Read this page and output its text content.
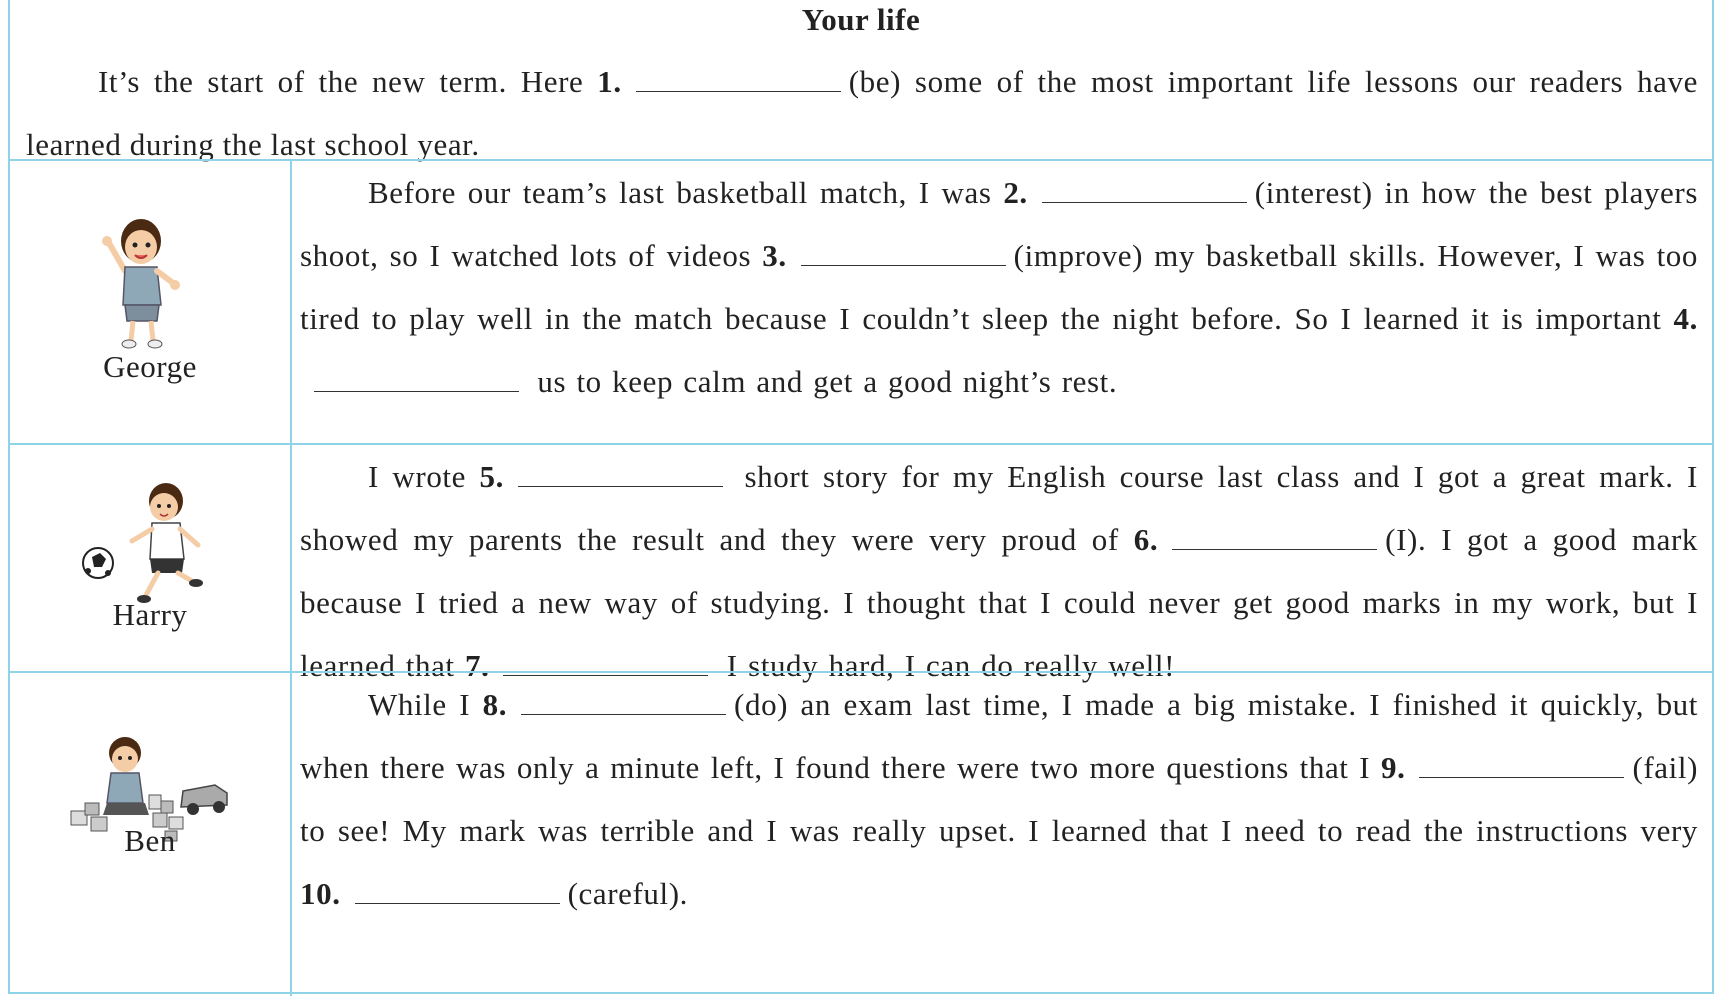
Your life
It’s the start of the new term. Here 1.	(be) some of the most important life lessons our readers have learned during the last school year.
George
Before our team’s last basketball match, I was 2.	(interest) in how the best players shoot, so I watched lots of videos 3.	(improve) my basketball skills. However, I was too tired to play well in the match because I couldn’t sleep the night before. So I learned it is important 4. us to keep calm and get a good night’s rest.
Harry
I wrote 5.	short story for my English course last class and I got a great mark. I showed my parents the result and they were very proud of 6.	(I). I got a good mark because I tried a new way of studying. I thought that I could never get good marks in my work, but I learned that 7.	I study hard, I can do really well!
Ben
While I 8.	(do) an exam last time, I made a big mistake. I finished it quickly, but when there was only a minute left, I found there were two more questions that I 9.	(fail) to see! My mark was terrible and I was really upset. I learned that I need to read the instructions very 10.	(careful).
